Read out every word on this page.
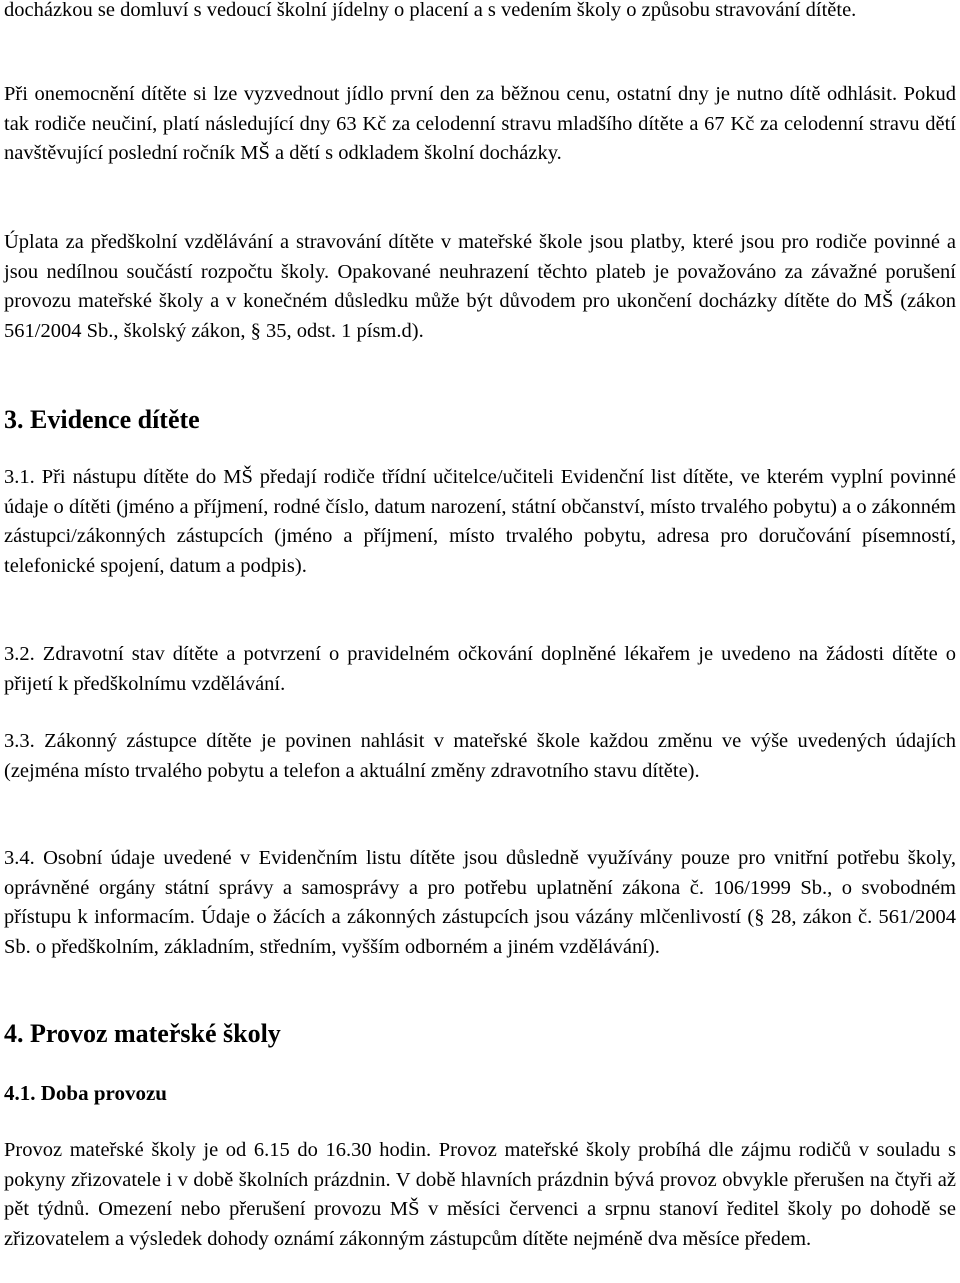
docházkou se domluví s vedoucí školní jídelny o placení a s vedením školy o způsobu stravování dítěte.

Při onemocnění dítěte si lze vyzvednout jídlo první den za běžnou cenu, ostatní dny je nutno dítě odhlásit. Pokud tak rodiče neučiní, platí následující dny 63 Kč za celodenní stravu mladšího dítěte a 67 Kč za celodenní stravu dětí navštěvující poslední ročník MŠ a dětí s odkladem školní docházky.

Úplata za předškolní vzdělávání a stravování dítěte v mateřské škole jsou platby, které jsou pro rodiče povinné a jsou nedílnou součástí rozpočtu školy. Opakované neuhrazení těchto plateb je považováno za závažné porušení provozu mateřské školy a v konečném důsledku může být důvodem pro ukončení docházky dítěte do MŠ (zákon 561/2004 Sb., školský zákon, § 35, odst. 1 písm.d).

3. Evidence dítěte

3.1. Při nástupu dítěte do MŠ předají rodiče třídní učitelce/učiteli Evidenční list dítěte, ve kterém vyplní povinné údaje o dítěti (jméno a příjmení, rodné číslo, datum narození, státní občanství, místo trvalého pobytu) a o zákonném zástupci/zákonných zástupcích (jméno a příjmení, místo trvalého pobytu, adresa pro doručování písemností, telefonické spojení, datum a podpis).

3.2. Zdravotní stav dítěte a potvrzení o pravidelném očkování doplněné lékařem je uvedeno na žádosti dítěte o přijetí k předškolnímu vzdělávání.

3.3. Zákonný zástupce dítěte je povinen nahlásit v mateřské škole každou změnu ve výše uvedených údajích (zejména místo trvalého pobytu a telefon a aktuální změny zdravotního stavu dítěte).

3.4. Osobní údaje uvedené v Evidenčním listu dítěte jsou důsledně využívány pouze pro vnitřní potřebu školy, oprávněné orgány státní správy a samosprávy a pro potřebu uplatnění zákona č. 106/1999 Sb., o svobodném přístupu k informacím. Údaje o žácích a zákonných zástupcích jsou vázány mlčenlivostí (§ 28, zákon č. 561/2004 Sb. o předškolním, základním, středním, vyšším odborném a jiném vzdělávání).

4. Provoz mateřské školy
4.1. Doba provozu

Provoz mateřské školy je od 6.15 do 16.30 hodin. Provoz mateřské školy probíhá dle zájmu rodičů v souladu s pokyny zřizovatele i v době školních prázdnin. V době hlavních prázdnin bývá provoz obvykle přerušen na čtyři až pět týdnů. Omezení nebo přerušení provozu MŠ v měsíci červenci a srpnu stanoví ředitel školy po dohodě se zřizovatelem a výsledek dohody oznámí zákonným zástupcům dítěte nejméně dva měsíce předem.
